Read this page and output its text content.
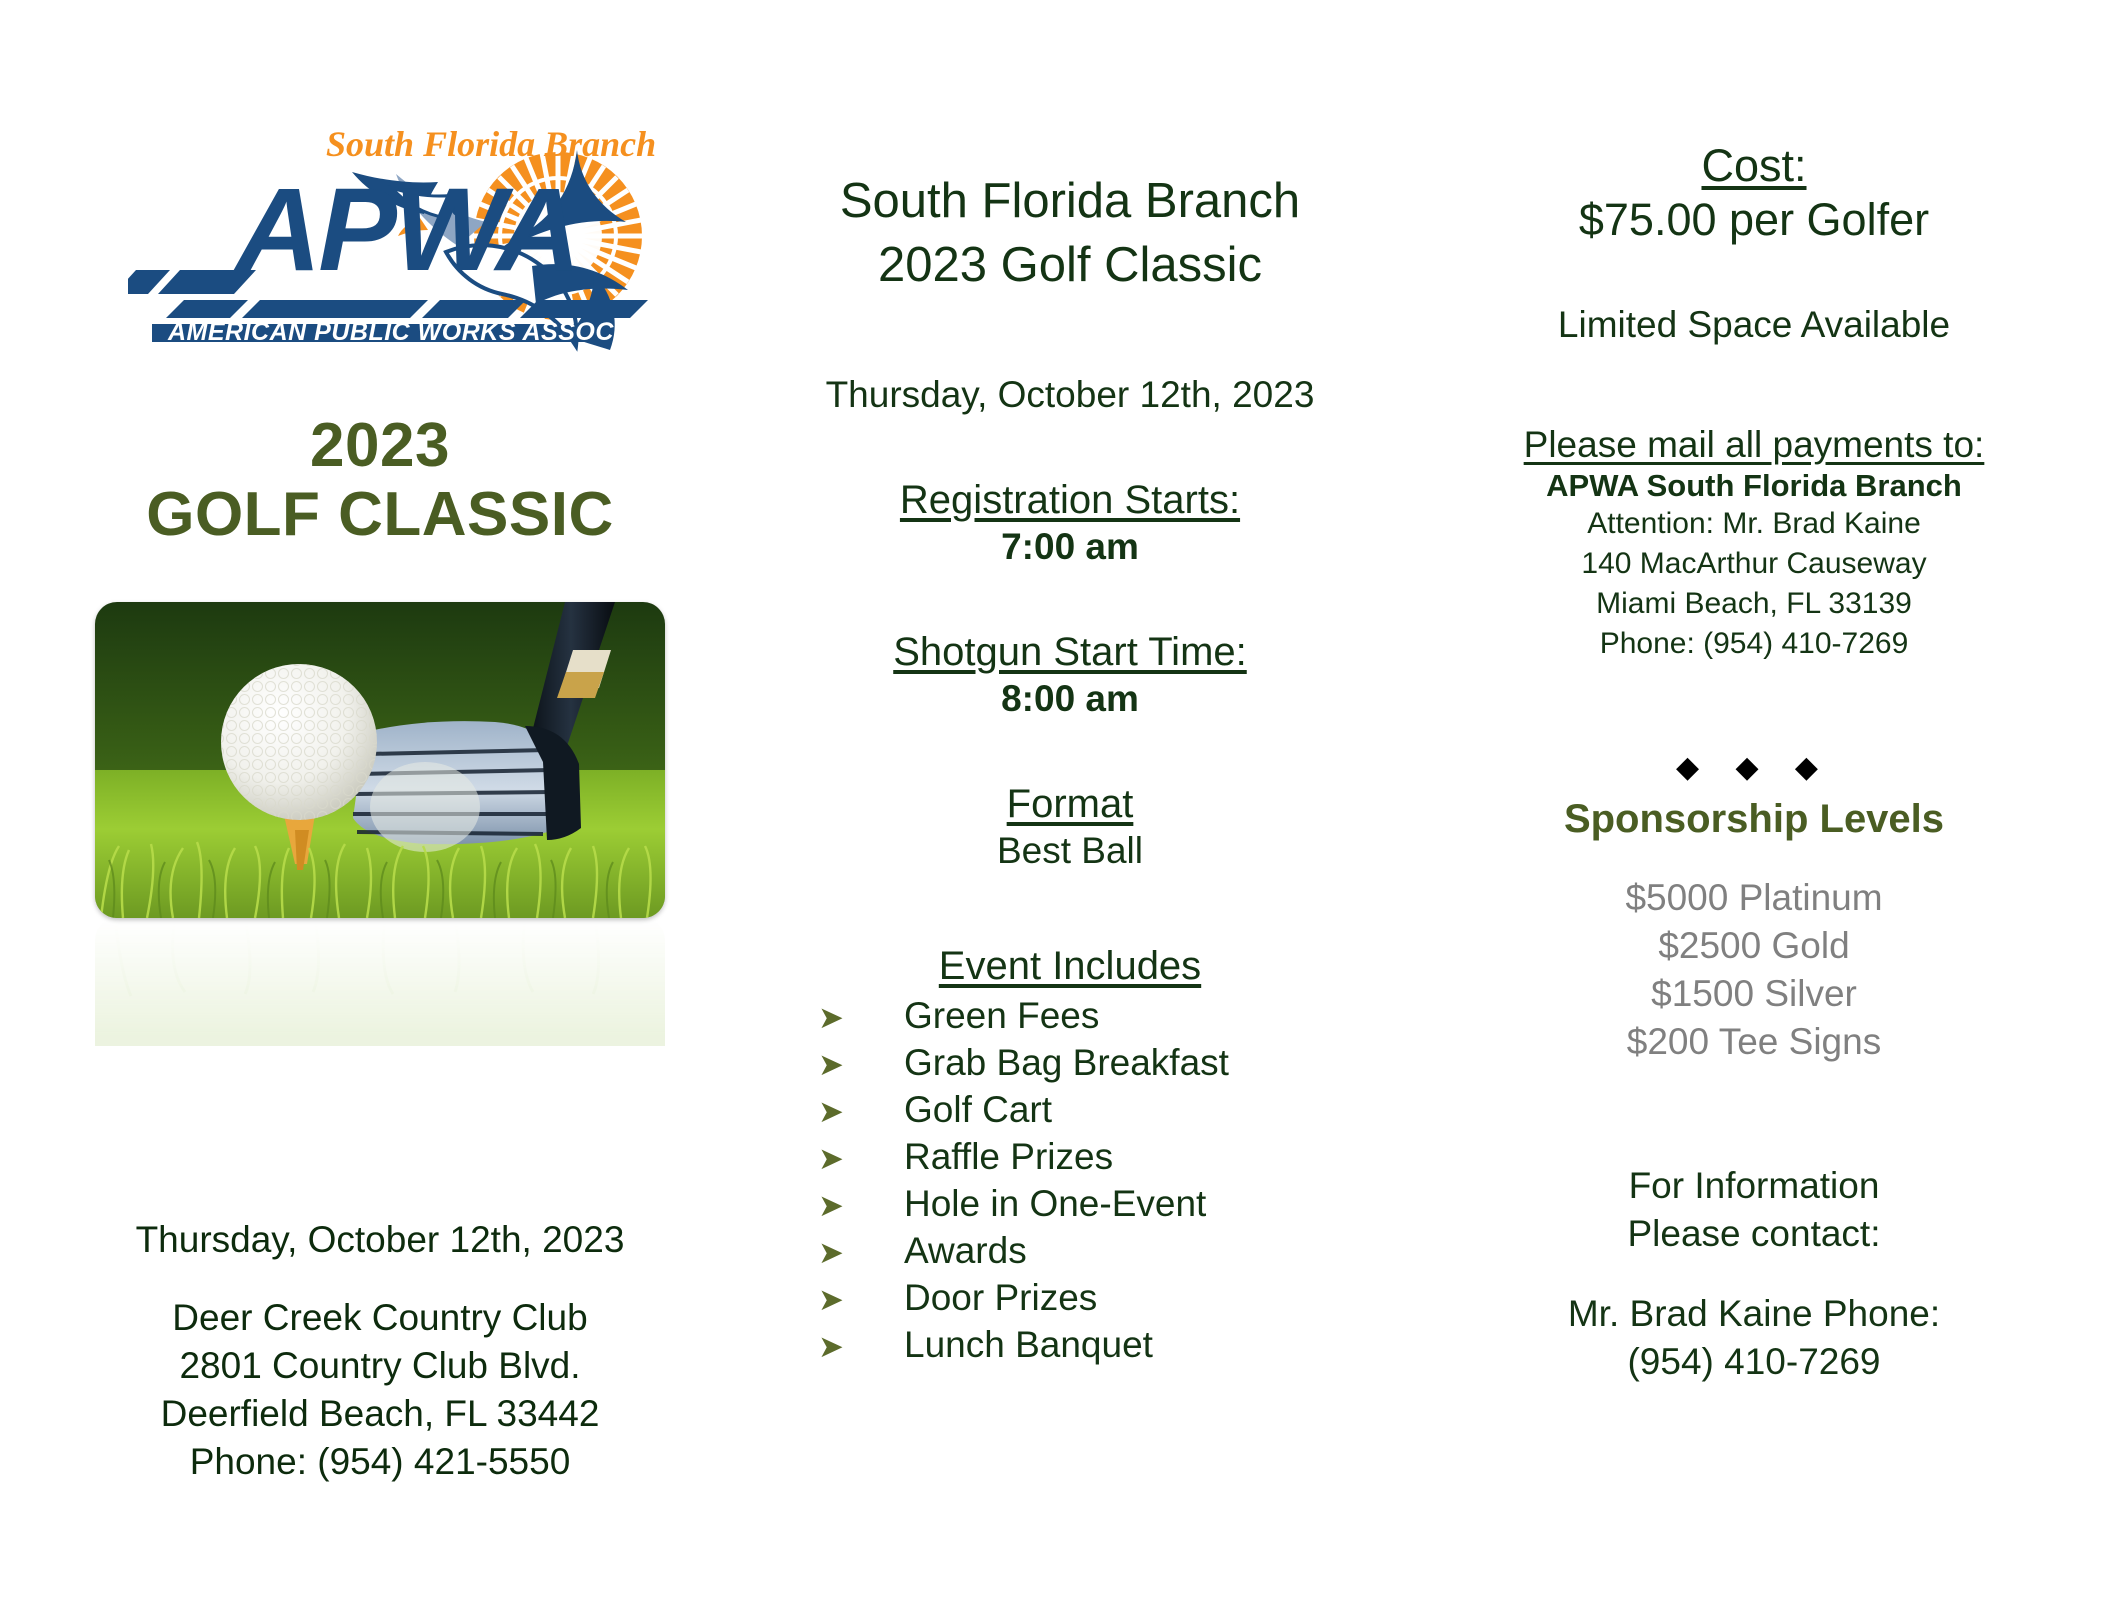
South Florida Branch
APWA
AMERICAN PUBLIC WORKS ASSOCIATION
2023
GOLF CLASSIC
Thursday, October 12th, 2023
Deer Creek Country Club
2801 Country Club Blvd.
Deerfield Beach, FL 33442
Phone: (954) 421-5550
South Florida Branch
2023 Golf Classic
Thursday, October 12th, 2023
Registration Starts:
7:00 am
Shotgun Start Time:
8:00 am
Format
Best Ball
Event Includes
➤	Green Fees
➤	Grab Bag Breakfast
➤	Golf Cart
➤	Raffle Prizes
➤	Hole in One-Event
➤	Awards
➤	Door Prizes
➤	Lunch Banquet
Cost:
$75.00 per Golfer
Limited Space Available
Please mail all payments to:
APWA South Florida Branch
Attention: Mr. Brad Kaine
140 MacArthur Causeway
Miami Beach, FL 33139
Phone: (954) 410-7269
◆ ◆ ◆
Sponsorship Levels
$5000 Platinum
$2500 Gold
$1500 Silver
$200 Tee Signs
For Information
Please contact:
Mr. Brad Kaine Phone:
(954) 410-7269
